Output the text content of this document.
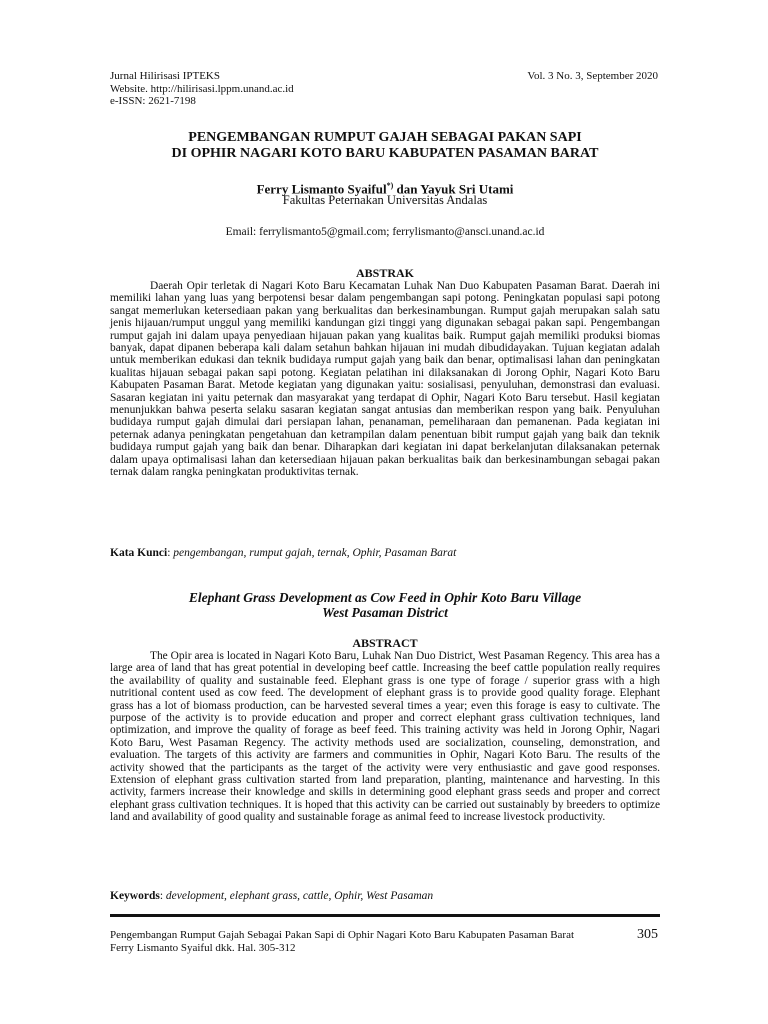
Jurnal Hilirisasi IPTEKS
Website. http://hilirisasi.lppm.unand.ac.id
e-ISSN: 2621-7198
Vol. 3 No. 3, September 2020
PENGEMBANGAN RUMPUT GAJAH SEBAGAI PAKAN SAPI
DI OPHIR NAGARI KOTO BARU KABUPATEN PASAMAN BARAT
Ferry Lismanto Syaiful*) dan Yayuk Sri Utami
Fakultas Peternakan Universitas Andalas
Email: ferrylismanto5@gmail.com; ferrylismanto@ansci.unand.ac.id
ABSTRAK
Daerah Opir terletak di Nagari Koto Baru Kecamatan Luhak Nan Duo Kabupaten Pasaman Barat. Daerah ini memiliki lahan yang luas yang berpotensi besar dalam pengembangan sapi potong. Peningkatan populasi sapi potong sangat memerlukan ketersediaan pakan yang berkualitas dan berkesinambungan. Rumput gajah merupakan salah satu jenis hijauan/rumput unggul yang memiliki kandungan gizi tinggi yang digunakan sebagai pakan sapi. Pengembangan rumput gajah ini dalam upaya penyediaan hijauan pakan yang kualitas baik. Rumput gajah memiliki produksi biomas banyak, dapat dipanen beberapa kali dalam setahun bahkan hijauan ini mudah dibudidayakan. Tujuan kegiatan adalah untuk memberikan edukasi dan teknik budidaya rumput gajah yang baik dan benar, optimalisasi lahan dan peningkatan kualitas hijauan sebagai pakan sapi potong. Kegiatan pelatihan ini dilaksanakan di Jorong Ophir, Nagari Koto Baru Kabupaten Pasaman Barat. Metode kegiatan yang digunakan yaitu: sosialisasi, penyuluhan, demonstrasi dan evaluasi. Sasaran kegiatan ini yaitu peternak dan masyarakat yang terdapat di Ophir, Nagari Koto Baru tersebut. Hasil kegiatan menunjukkan bahwa peserta selaku sasaran kegiatan sangat antusias dan memberikan respon yang baik. Penyuluhan budidaya rumput gajah dimulai dari persiapan lahan, penanaman, pemeliharaan dan pemanenan. Pada kegiatan ini peternak adanya peningkatan pengetahuan dan ketrampilan dalam penentuan bibit rumput gajah yang baik dan teknik budidaya rumput gajah yang baik dan benar. Diharapkan dari kegiatan ini dapat berkelanjutan dilaksanakan peternak dalam upaya optimalisasi lahan dan ketersediaan hijauan pakan berkualitas baik dan berkesinambungan sebagai pakan ternak dalam rangka peningkatan produktivitas ternak.
Kata Kunci: pengembangan, rumput gajah, ternak, Ophir, Pasaman Barat
Elephant Grass Development as Cow Feed in Ophir Koto Baru Village
West Pasaman District
ABSTRACT
The Opir area is located in Nagari Koto Baru, Luhak Nan Duo District, West Pasaman Regency. This area has a large area of land that has great potential in developing beef cattle. Increasing the beef cattle population really requires the availability of quality and sustainable feed. Elephant grass is one type of forage / superior grass with a high nutritional content used as cow feed. The development of elephant grass is to provide good quality forage. Elephant grass has a lot of biomass production, can be harvested several times a year; even this forage is easy to cultivate. The purpose of the activity is to provide education and proper and correct elephant grass cultivation techniques, land optimization, and improve the quality of forage as beef feed. This training activity was held in Jorong Ophir, Nagari Koto Baru, West Pasaman Regency. The activity methods used are socialization, counseling, demonstration, and evaluation. The targets of this activity are farmers and communities in Ophir, Nagari Koto Baru. The results of the activity showed that the participants as the target of the activity were very enthusiastic and gave good responses. Extension of elephant grass cultivation started from land preparation, planting, maintenance and harvesting. In this activity, farmers increase their knowledge and skills in determining good elephant grass seeds and proper and correct elephant grass cultivation techniques. It is hoped that this activity can be carried out sustainably by breeders to optimize land and availability of good quality and sustainable forage as animal feed to increase livestock productivity.
Keywords: development, elephant grass, cattle, Ophir, West Pasaman
Pengembangan Rumput Gajah Sebagai Pakan Sapi di Ophir Nagari Koto Baru Kabupaten Pasaman Barat
Ferry Lismanto Syaiful dkk. Hal. 305-312
305
